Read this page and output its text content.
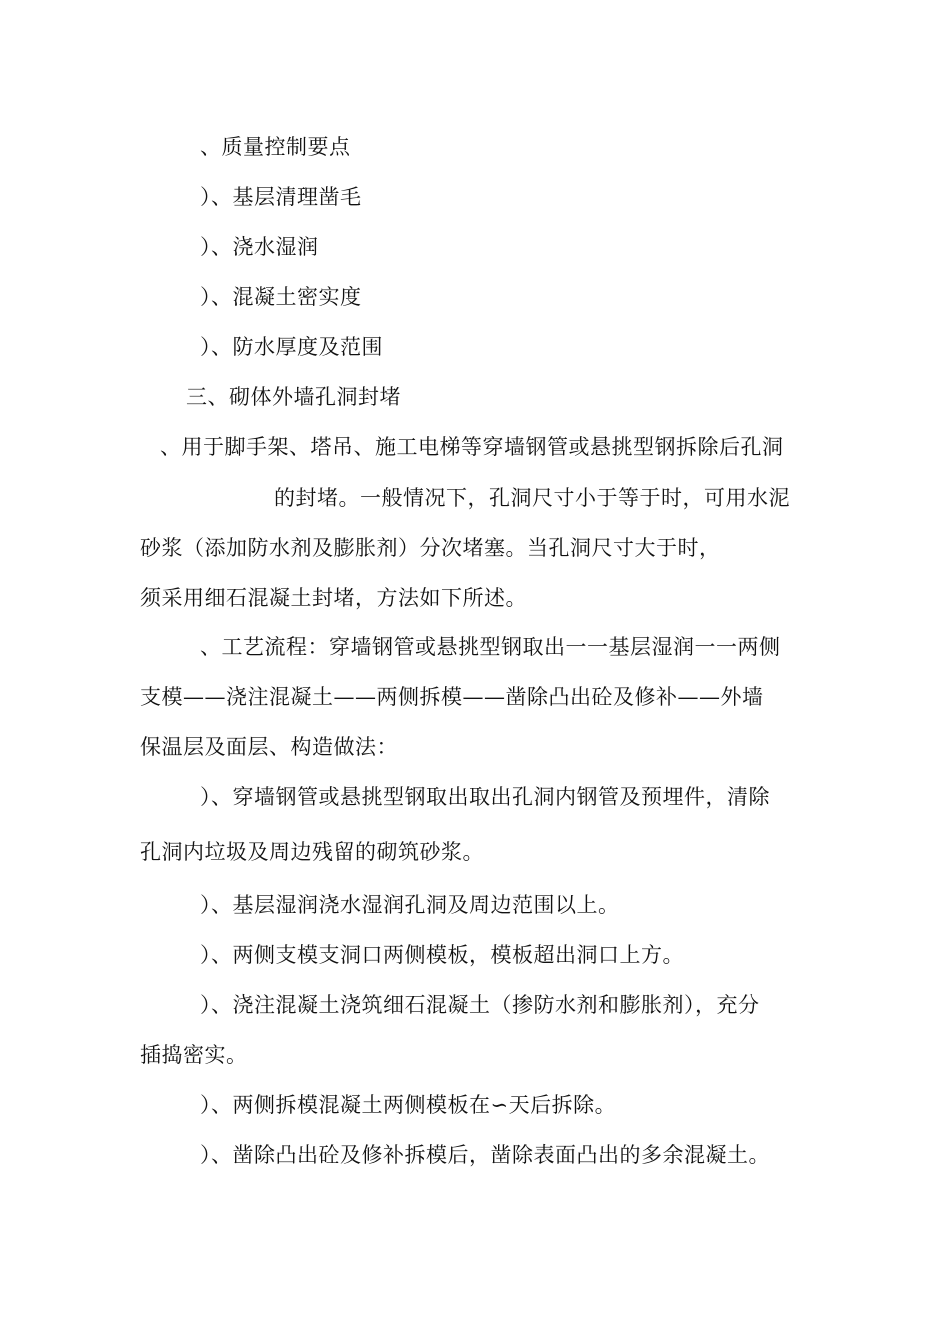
、质量控制要点
）、基层清理凿毛
）、浇水湿润
）、混凝土密实度
）、防水厚度及范围
三、砌体外墙孔洞封堵
、用于脚手架、塔吊、施工电梯等穿墙钢管或悬挑型钢拆除后孔洞
的封堵。一般情况下，孔洞尺寸小于等于时，可用水泥
砂浆（添加防水剂及膨胀剂）分次堵塞。当孔洞尺寸大于时，
须采用细石混凝土封堵，方法如下所述。
、工艺流程：穿墙钢管或悬挑型钢取出一一基层湿润一一两侧
支模——浇注混凝土——两侧拆模——凿除凸出砼及修补——外墙
保温层及面层、构造做法：
）、穿墙钢管或悬挑型钢取出取出孔洞内钢管及预埋件，清除
孔洞内垃圾及周边残留的砌筑砂浆。
）、基层湿润浇水湿润孔洞及周边范围以上。
）、两侧支模支洞口两侧模板，模板超出洞口上方。
）、浇注混凝土浇筑细石混凝土（掺防水剂和膨胀剂），充分
插捣密实。
）、两侧拆模混凝土两侧模板在∽天后拆除。
）、凿除凸出砼及修补拆模后，凿除表面凸出的多余混凝土。
